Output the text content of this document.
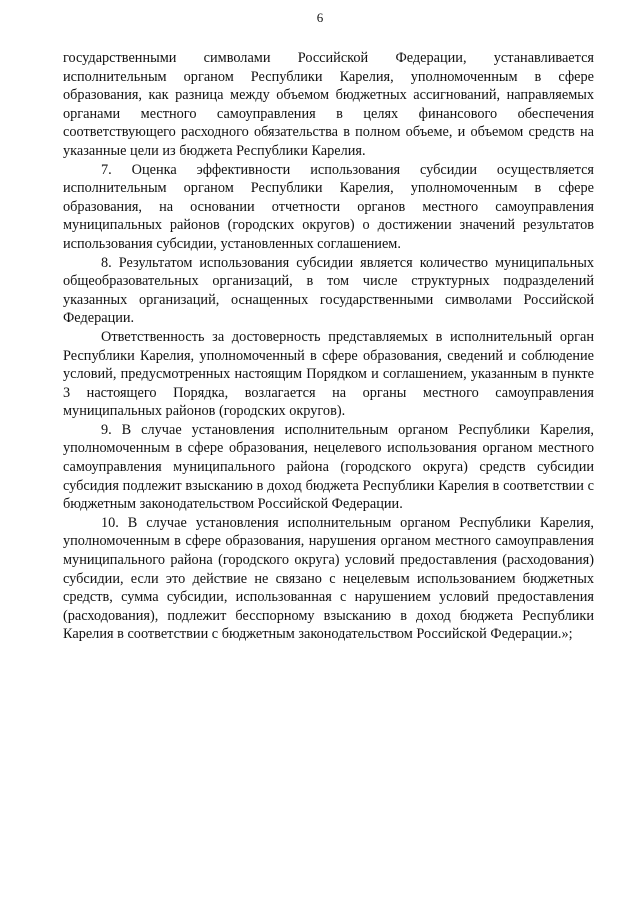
6

государственными символами Российской Федерации, устанавливается исполнительным органом Республики Карелия, уполномоченным в сфере образования, как разница между объемом бюджетных ассигнований, направляемых органами местного самоуправления в целях финансового обеспечения соответствующего расходного обязательства в полном объеме, и объемом средств на указанные цели из бюджета Республики Карелия.

7. Оценка эффективности использования субсидии осуществляется исполнительным органом Республики Карелия, уполномоченным в сфере образования, на основании отчетности органов местного самоуправления муниципальных районов (городских округов) о достижении значений результатов использования субсидии, установленных соглашением.

8. Результатом использования субсидии является количество муниципальных общеобразовательных организаций, в том числе структурных подразделений указанных организаций, оснащенных государственными символами Российской Федерации.

Ответственность за достоверность представляемых в исполнительный орган Республики Карелия, уполномоченный в сфере образования, сведений и соблюдение условий, предусмотренных настоящим Порядком и соглашением, указанным в пункте 3 настоящего Порядка, возлагается на органы местного самоуправления муниципальных районов (городских округов).

9. В случае установления исполнительным органом Республики Карелия, уполномоченным в сфере образования, нецелевого использования органом местного самоуправления муниципального района (городского округа) средств субсидии субсидия подлежит взысканию в доход бюджета Республики Карелия в соответствии с бюджетным законодательством Российской Федерации.

10. В случае установления исполнительным органом Республики Карелия, уполномоченным в сфере образования, нарушения органом местного самоуправления муниципального района (городского округа) условий предоставления (расходования) субсидии, если это действие не связано с нецелевым использованием бюджетных средств, сумма субсидии, использованная с нарушением условий предоставления (расходования), подлежит бесспорному взысканию в доход бюджета Республики Карелия в соответствии с бюджетным законодательством Российской Федерации.»;
